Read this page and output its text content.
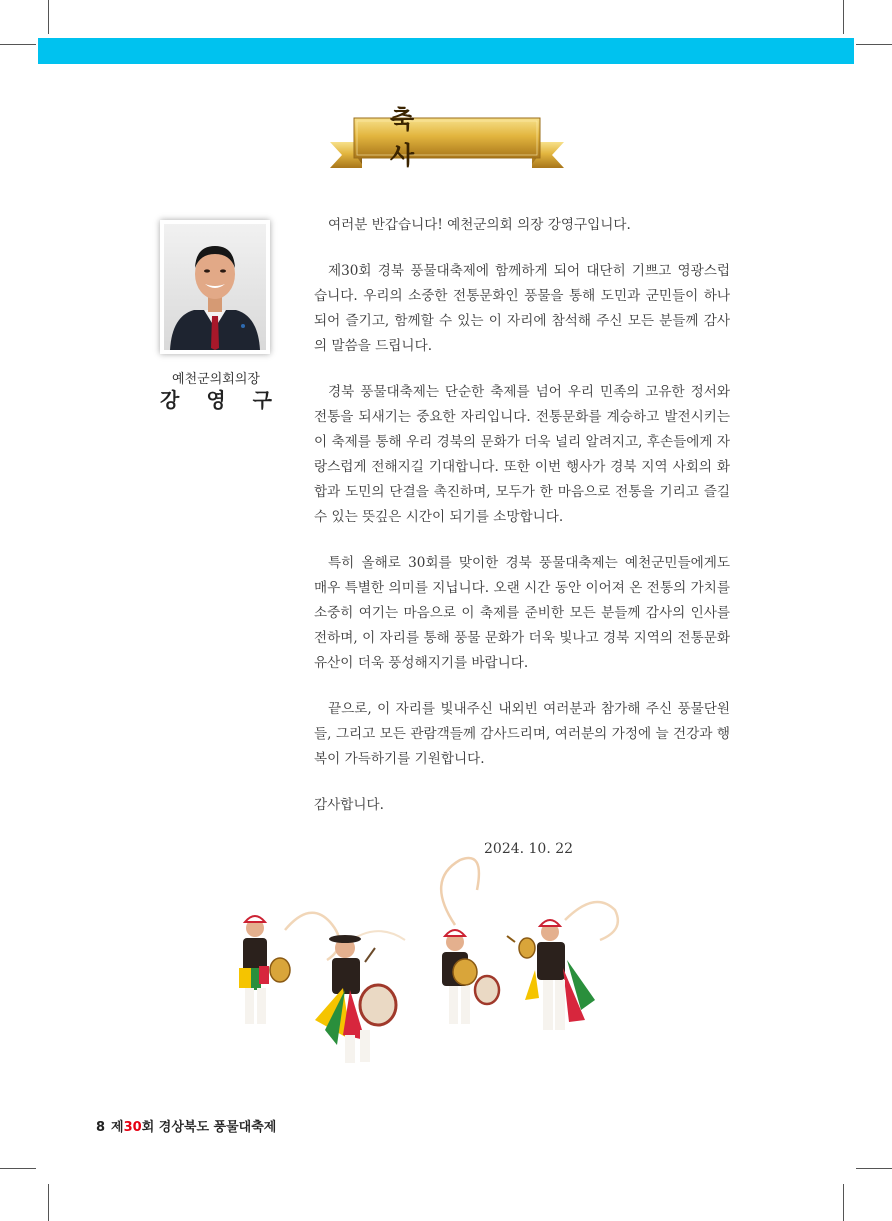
축 사
예천군의회의장
강 영 구

여러분 반갑습니다! 예천군의회 의장 강영구입니다.

제30회 경북 풍물대축제에 함께하게 되어 대단히 기쁘고 영광스럽습니다. 우리의 소중한 전통문화인 풍물을 통해 도민과 군민들이 하나 되어 즐기고, 함께할 수 있는 이 자리에 참석해 주신 모든 분들께 감사의 말씀을 드립니다.

경북 풍물대축제는 단순한 축제를 넘어 우리 민족의 고유한 정서와 전통을 되새기는 중요한 자리입니다. 전통문화를 계승하고 발전시키는 이 축제를 통해 우리 경북의 문화가 더욱 널리 알려지고, 후손들에게 자랑스럽게 전해지길 기대합니다. 또한 이번 행사가 경북 지역 사회의 화합과 도민의 단결을 촉진하며, 모두가 한 마음으로 전통을 기리고 즐길 수 있는 뜻깊은 시간이 되기를 소망합니다.

특히 올해로 30회를 맞이한 경북 풍물대축제는 예천군민들에게도 매우 특별한 의미를 지닙니다. 오랜 시간 동안 이어져 온 전통의 가치를 소중히 여기는 마음으로 이 축제를 준비한 모든 분들께 감사의 인사를 전하며, 이 자리를 통해 풍물 문화가 더욱 빛나고 경북 지역의 전통문화 유산이 더욱 풍성해지기를 바랍니다.

끝으로, 이 자리를 빛내주신 내외빈 여러분과 참가해 주신 풍물단원들, 그리고 모든 관람객들께 감사드리며, 여러분의 가정에 늘 건강과 행복이 가득하기를 기원합니다.

감사합니다.

2024. 10. 22
8 제30회 경상북도 풍물대축제
